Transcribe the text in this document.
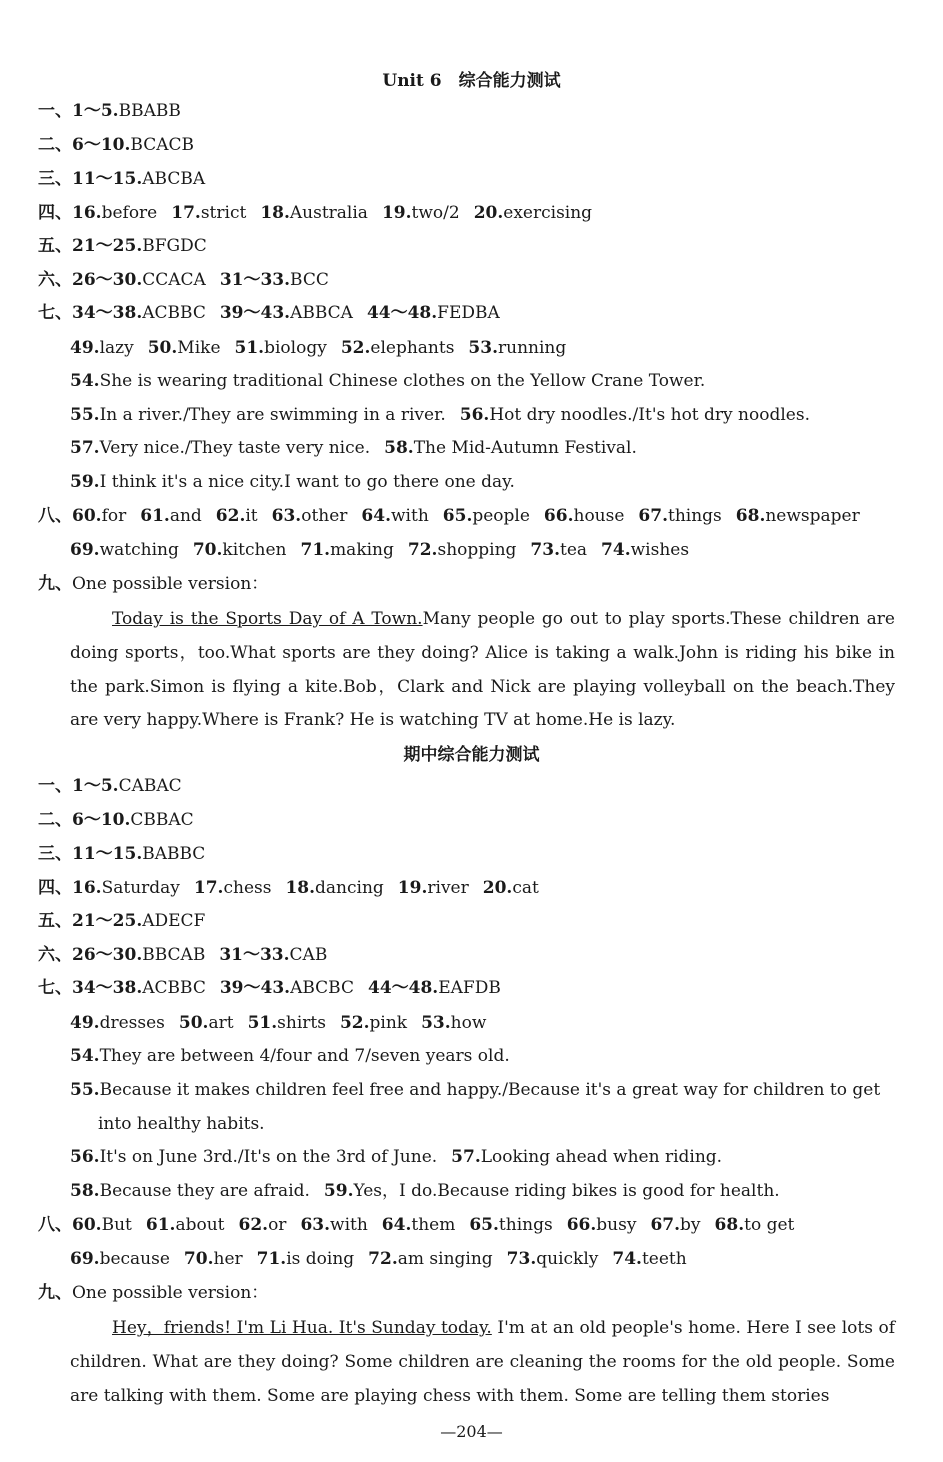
Unit 6　综合能力测试
一、1～5.BBABB
二、6～10.BCACB
三、11～15.ABCBA
四、16.before 17.strict 18.Australia 19.two/2 20.exercising
五、21～25.BFGDC
六、26～30.CCACA 31～33.BCC
七、34～38.ACBBC 39～43.ABBCA 44～48.FEDBA
49.lazy 50.Mike 51.biology 52.elephants 53.running
54.She is wearing traditional Chinese clothes on the Yellow Crane Tower.
55.In a river./They are swimming in a river. 56.Hot dry noodles./It's hot dry noodles.
57.Very nice./They taste very nice. 58.The Mid-Autumn Festival.
59.I think it's a nice city.I want to go there one day.
八、60.for 61.and 62.it 63.other 64.with 65.people 66.house 67.things 68.newspaper
69.watching 70.kitchen 71.making 72.shopping 73.tea 74.wishes
九、One possible version：
Today is the Sports Day of A Town.Many people go out to play sports.These children are doing sports，too.What sports are they doing? Alice is taking a walk.John is riding his bike in the park.Simon is flying a kite.Bob，Clark and Nick are playing volleyball on the beach.They are very happy.Where is Frank? He is watching TV at home.He is lazy.
期中综合能力测试
一、1～5.CABAC
二、6～10.CBBAC
三、11～15.BABBC
四、16.Saturday 17.chess 18.dancing 19.river 20.cat
五、21～25.ADECF
六、26～30.BBCAB 31～33.CAB
七、34～38.ACBBC 39～43.ABCBC 44～48.EAFDB
49.dresses 50.art 51.shirts 52.pink 53.how
54.They are between 4/four and 7/seven years old.
55.Because it makes children feel free and happy./Because it's a great way for children to get
into healthy habits.
56.It's on June 3rd./It's on the 3rd of June. 57.Looking ahead when riding.
58.Because they are afraid. 59.Yes，I do.Because riding bikes is good for health.
八、60.But 61.about 62.or 63.with 64.them 65.things 66.busy 67.by 68.to get
69.because 70.her 71.is doing 72.am singing 73.quickly 74.teeth
九、One possible version：
Hey，friends! I'm Li Hua. It's Sunday today. I'm at an old people's home. Here I see lots of children. What are they doing? Some children are cleaning the rooms for the old people. Some are talking with them. Some are playing chess with them. Some are telling them stories
—204—
